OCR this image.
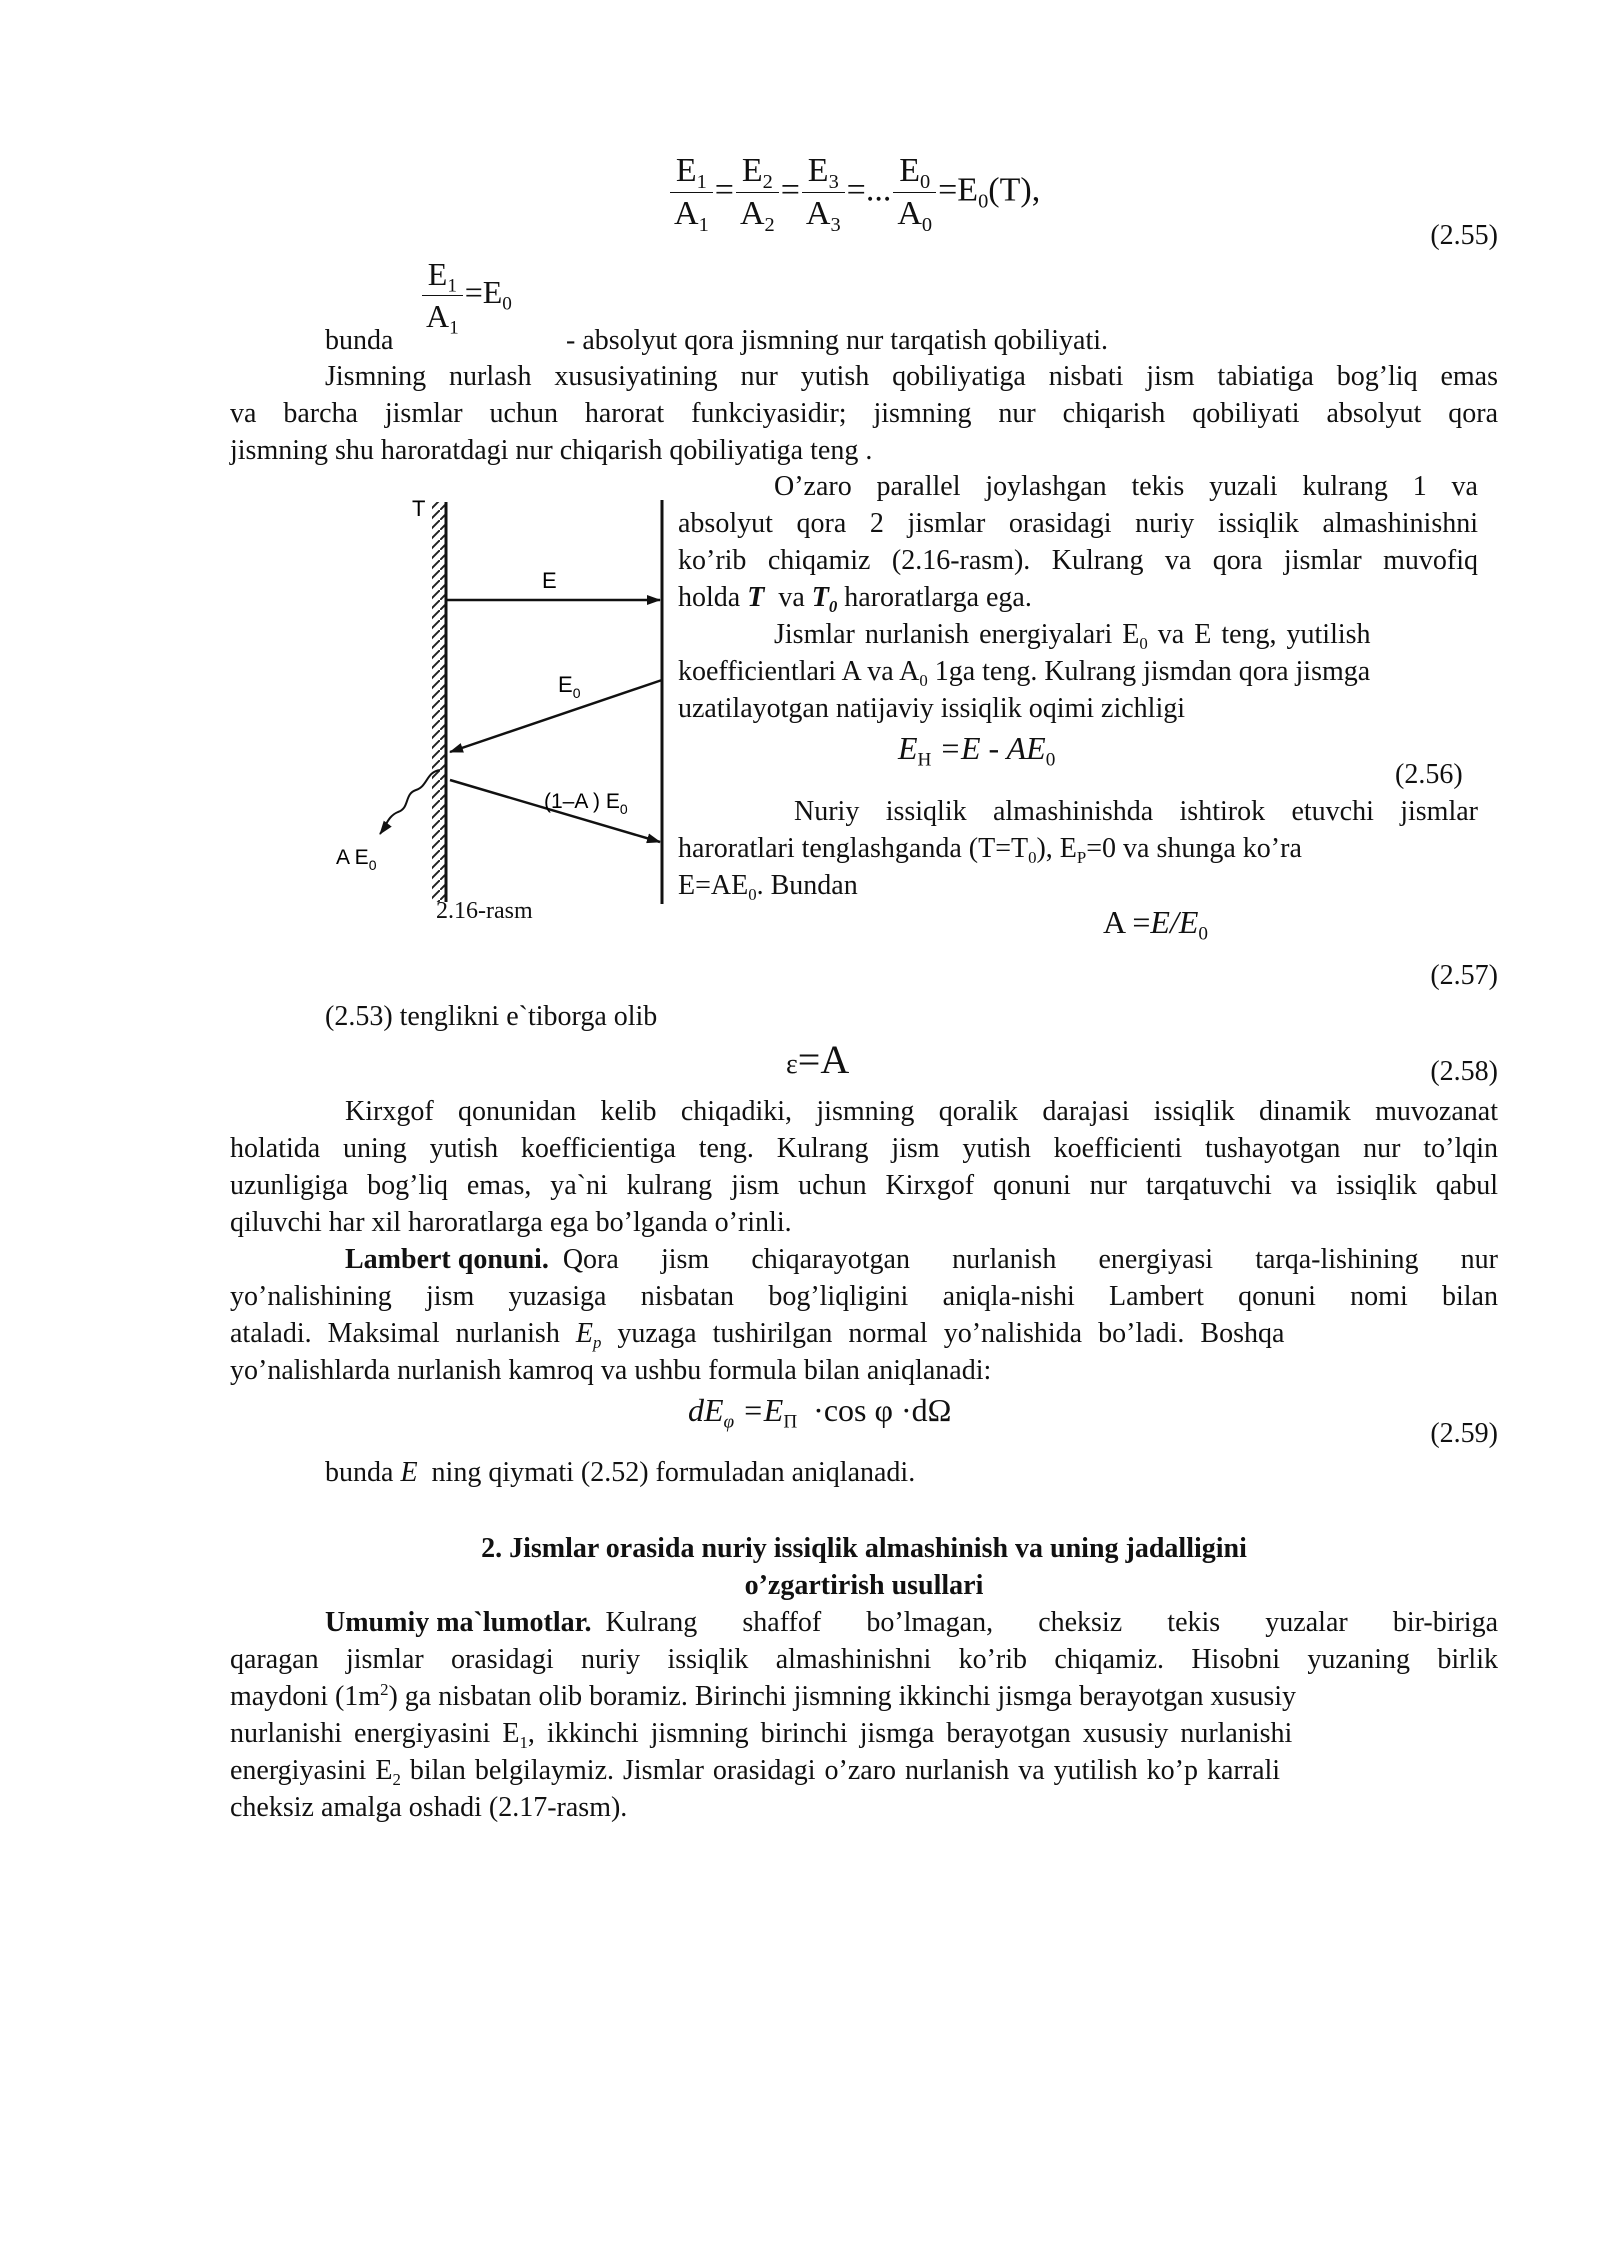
$\frac{E_1}{A_1} = \frac{E_2}{A_2} = \frac{E_3}{A_3}$ =... $\frac{E_0}{A_0} =E_0(T)$,
(2.55)
$\frac{E_1}{A_1} =E_0$
bunda	- absolyut qora jismning nur tarqatish qobiliyati.
Jismning nurlash xususiyatining nur yutish qobiliyatiga nisbati jism tabiatiga bog’liq emas
va barcha jismlar uchun harorat funkciyasidir; jismning nur chiqarish qobiliyati absolyut qora
jismning shu haroratdagi nur chiqarish qobiliyatiga teng .
T
E
$E_0$
(1–A ) $E_0$
A $E_0$
2.16-rasm
O’zaro parallel joylashgan tekis yuzali kulrang 1 va
absolyut qora 2 jismlar orasidagi nuriy issiqlik almashinishni
ko’rib chiqamiz (2.16-rasm). Kulrang va qora jismlar muvofiq
holda T va $T_0$ haroratlarga ega.
Jismlar nurlanish energiyalari $E_0$ va E teng, yutilish
koefficientlari A va $A_0$ 1ga teng. Kulrang jismdan qora jismga
uzatilayotgan natijaviy issiqlik oqimi zichligi
$E_H =E - AE_0$	(2.56)
Nuriy issiqlik almashinishda ishtirok etuvchi jismlar
haroratlari tenglashganda $(T=T_0)$, $E_P=0$ va shunga ko’ra
$E=AE_0$. Bundan
$A =E/E_0$
(2.57)
(2.53) tenglikni e`tiborga olib
ε=A	(2.58)
Kirxgof qonunidan kelib chiqadiki, jismning qoralik darajasi issiqlik dinamik muvozanat
holatida uning yutish koefficientiga teng. Kulrang jism yutish koefficienti tushayotgan nur to’lqin
uzunligiga bog’liq emas, ya`ni kulrang jism uchun Kirxgof qonuni nur tarqatuvchi va issiqlik qabul
qiluvchi har xil haroratlarga ega bo’lganda o’rinli.
Lambert qonuni. Qora jism chiqarayotgan nurlanish energiyasi tarqa-lishining nur
yo’nalishining jism yuzasiga nisbatan bog’liqligini aniqla-nishi Lambert qonuni nomi bilan
ataladi. Maksimal nurlanish $E_p$ yuzaga tushirilgan normal yo’nalishida bo’ladi. Boshqa
yo’nalishlarda nurlanish kamroq va ushbu formula bilan aniqlanadi:
$dE_\varphi =E_\Pi \cdot\cos$ φ ·dΩ
(2.59)
bunda E ning qiymati (2.52) formuladan aniqlanadi.
2. Jismlar orasida nuriy issiqlik almashinish va uning jadalligini
o’zgartirish usullari
Umumiy ma`lumotlar. Kulrang shaffof bo’lmagan, cheksiz tekis yuzalar bir-biriga
qaragan jismlar orasidagi nuriy issiqlik almashinishni ko’rib chiqamiz. Hisobni yuzaning birlik
maydoni $(1m^2)$ ga nisbatan olib boramiz. Birinchi jismning ikkinchi jismga berayotgan xususiy
nurlanishi energiyasini $E_1$, ikkinchi jismning birinchi jismga berayotgan xususiy nurlanishi
energiyasini $E_2$ bilan belgilaymiz. Jismlar orasidagi o’zaro nurlanish va yutilish ko’p karrali
cheksiz amalga oshadi (2.17-rasm).
